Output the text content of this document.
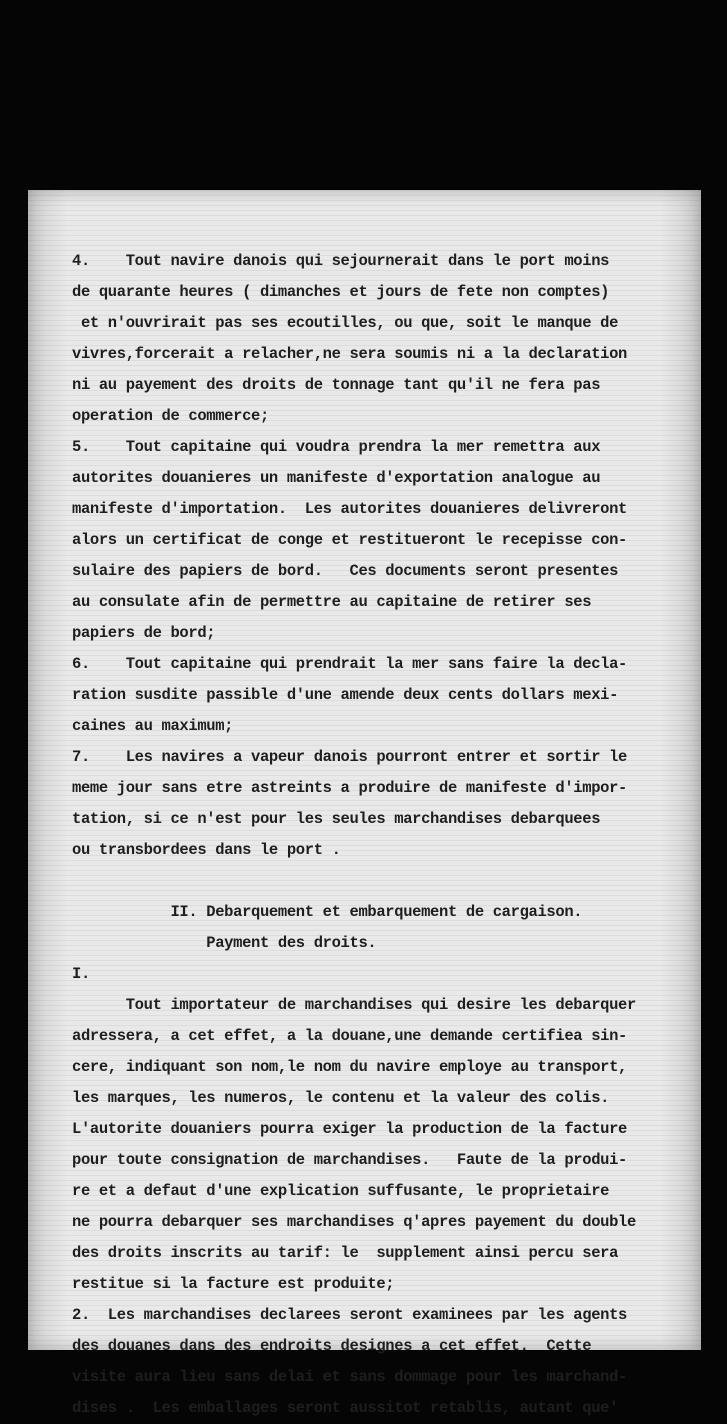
4.    Tout navire danois qui sejournerait dans le port moins
de quarante heures ( dimanches et jours de fete non comptes)
et n'ouvrirait pas ses ecoutilles, ou que, soit le manque de
vivres,forcerait a relacher,ne sera soumis ni a la declaration
ni au payement des droits de tonnage tant qu'il ne fera pas
operation de commerce;
5.    Tout capitaine qui voudra prendra la mer remettra aux
autorites douanieres un manifeste d'exportation analogue au
manifeste d'importation.  Les autorites douanieres delivreront
alors un certificat de conge et restitueront le recepisse con-
sulaire des papiers de bord.   Ces documents seront presentes
au consulate afin de permettre au capitaine de retirer ses
papiers de bord;
6.    Tout capitaine qui prendrait la mer sans faire la decla-
ration susdite passible d'une amende deux cents dollars mexi-
caines au maximum;
7.    Les navires a vapeur danois pourront entrer et sortir le
meme jour sans etre astreints a produire de manifeste d'impor-
tation, si ce n'est pour les seules marchandises debarquees
ou transbordees dans le port .
II. Debarquement et embarquement de cargaison.
Payment des droits.
I.
Tout importateur de marchandises qui desire les debarquer
adressera, a cet effet, a la douane,une demande certifiea sin-
cere, indiquant son nom,le nom du navire employe au transport,
les marques, les numeros, le contenu et la valeur des colis.
L'autorite douaniers pourra exiger la production de la facture
pour toute consignation de marchandises.   Faute de la produi-
re et a defaut d'une explication suffusante, le proprietaire
ne pourra debarquer ses marchandises q'apres payement du double
des droits inscrits au tarif: le  supplement ainsi percu sera
restitue si la facture est produite;
2.  Les marchandises declarees seront examinees par les agents
des douanes dans des endroits designes a cet effet.  Cette
visite aura lieu sans delai et sans dommage pour les marchand-
dises .  Les emballages seront aussitot retablis, autant que'
